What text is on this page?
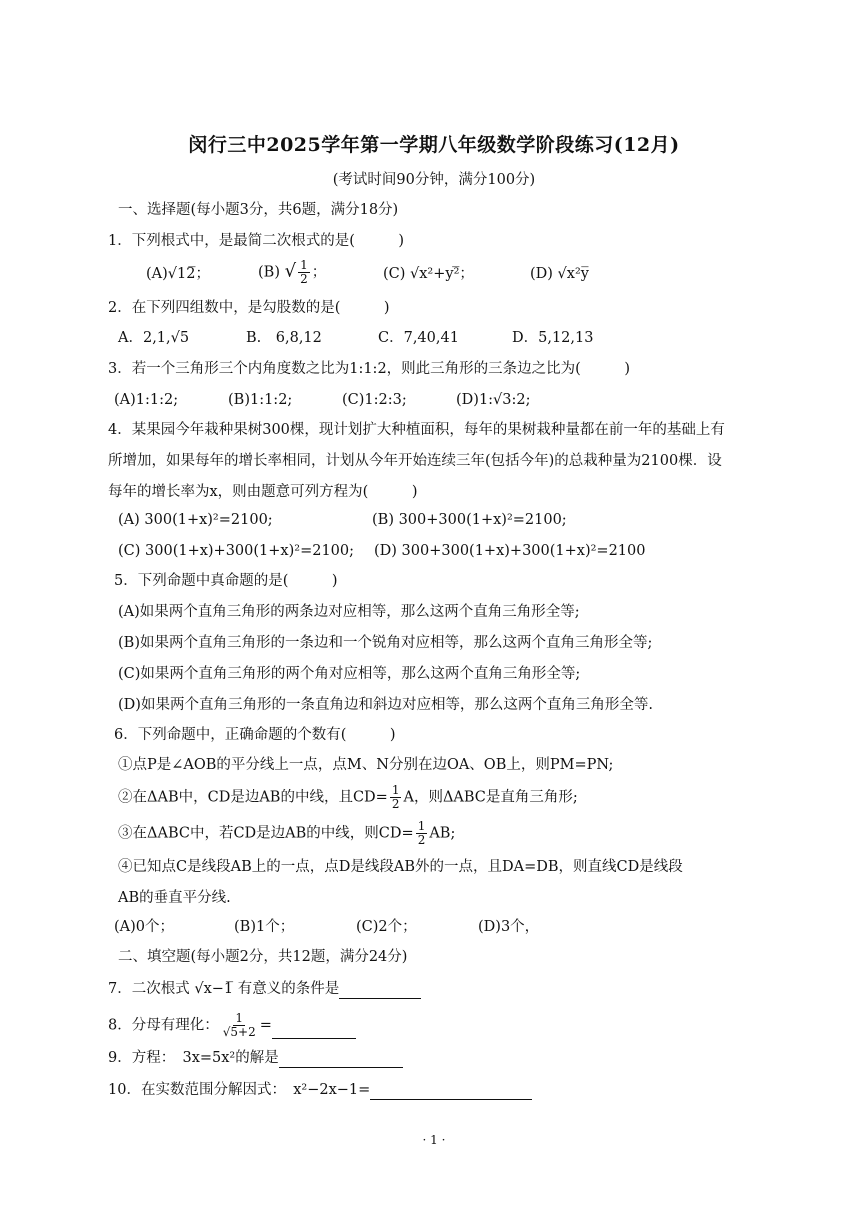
闵行三中2025学年第一学期八年级数学阶段练习(12月)
(考试时间90分钟，满分100分)
一、选择题(每小题3分，共6题，满分18分)
1．下列根式中，是最简二次根式的是(　　　)
(A)√12̅；	(B) √ $\frac{1}{2}$ ；	(C) √x²+y²̅；	(D) √x²y̅
2．在下列四组数中，是勾股数的是(　　　)
A．2,1,√5	B.　6,8,12	C．7,40,41	D．5,12,13
3．若一个三角形三个内角度数之比为1:1:2，则此三角形的三条边之比为(　　　)
(A)1:1:2;	(B)1:1:2;	(C)1:2:3;	(D)1:√3:2;
4．某果园今年栽种果树300棵，现计划扩大种植面积，每年的果树栽种量都在前一年的基础上有
所增加，如果每年的增长率相同，计划从今年开始连续三年(包括今年)的总栽种量为2100棵．设
每年的增长率为x，则由题意可列方程为(　　　)
(A) 300(1+x)²=2100;	(B) 300+300(1+x)²=2100;
(C) 300(1+x)+300(1+x)²=2100; (D) 300+300(1+x)+300(1+x)²=2100
5．下列命题中真命题的是(　　　)
(A)如果两个直角三角形的两条边对应相等，那么这两个直角三角形全等;
(B)如果两个直角三角形的一条边和一个锐角对应相等，那么这两个直角三角形全等;
(C)如果两个直角三角形的两个角对应相等，那么这两个直角三角形全等;
(D)如果两个直角三角形的一条直角边和斜边对应相等，那么这两个直角三角形全等.
6．下列命题中，正确命题的个数有(　　　)
①点P是∠AOB的平分线上一点，点M、N分别在边OA、OB上，则PM=PN;
②在ΔAB中，CD是边AB的中线，且$CD= \frac{1}{2}$ A，则ΔABC是直角三角形;
③在ΔABC中，若CD是边AB的中线，则$CD= \frac{1}{2}$ AB;
④已知点C是线段AB上的一点，点D是线段AB外的一点，且DA=DB，则直线CD是线段
AB的垂直平分线.
(A)0个；	(B)1个；	(C)2个；	(D)3个，
二、填空题(每小题2分，共12题，满分24分)
7．二次根式 √x−1̅ 有意义的条件是
8．分母有理化： $\frac{1}{√5+2}$ =
9．方程：　3x=5x²的解是
10．在实数范围分解因式：　x²−2x−1=
· 1 ·
